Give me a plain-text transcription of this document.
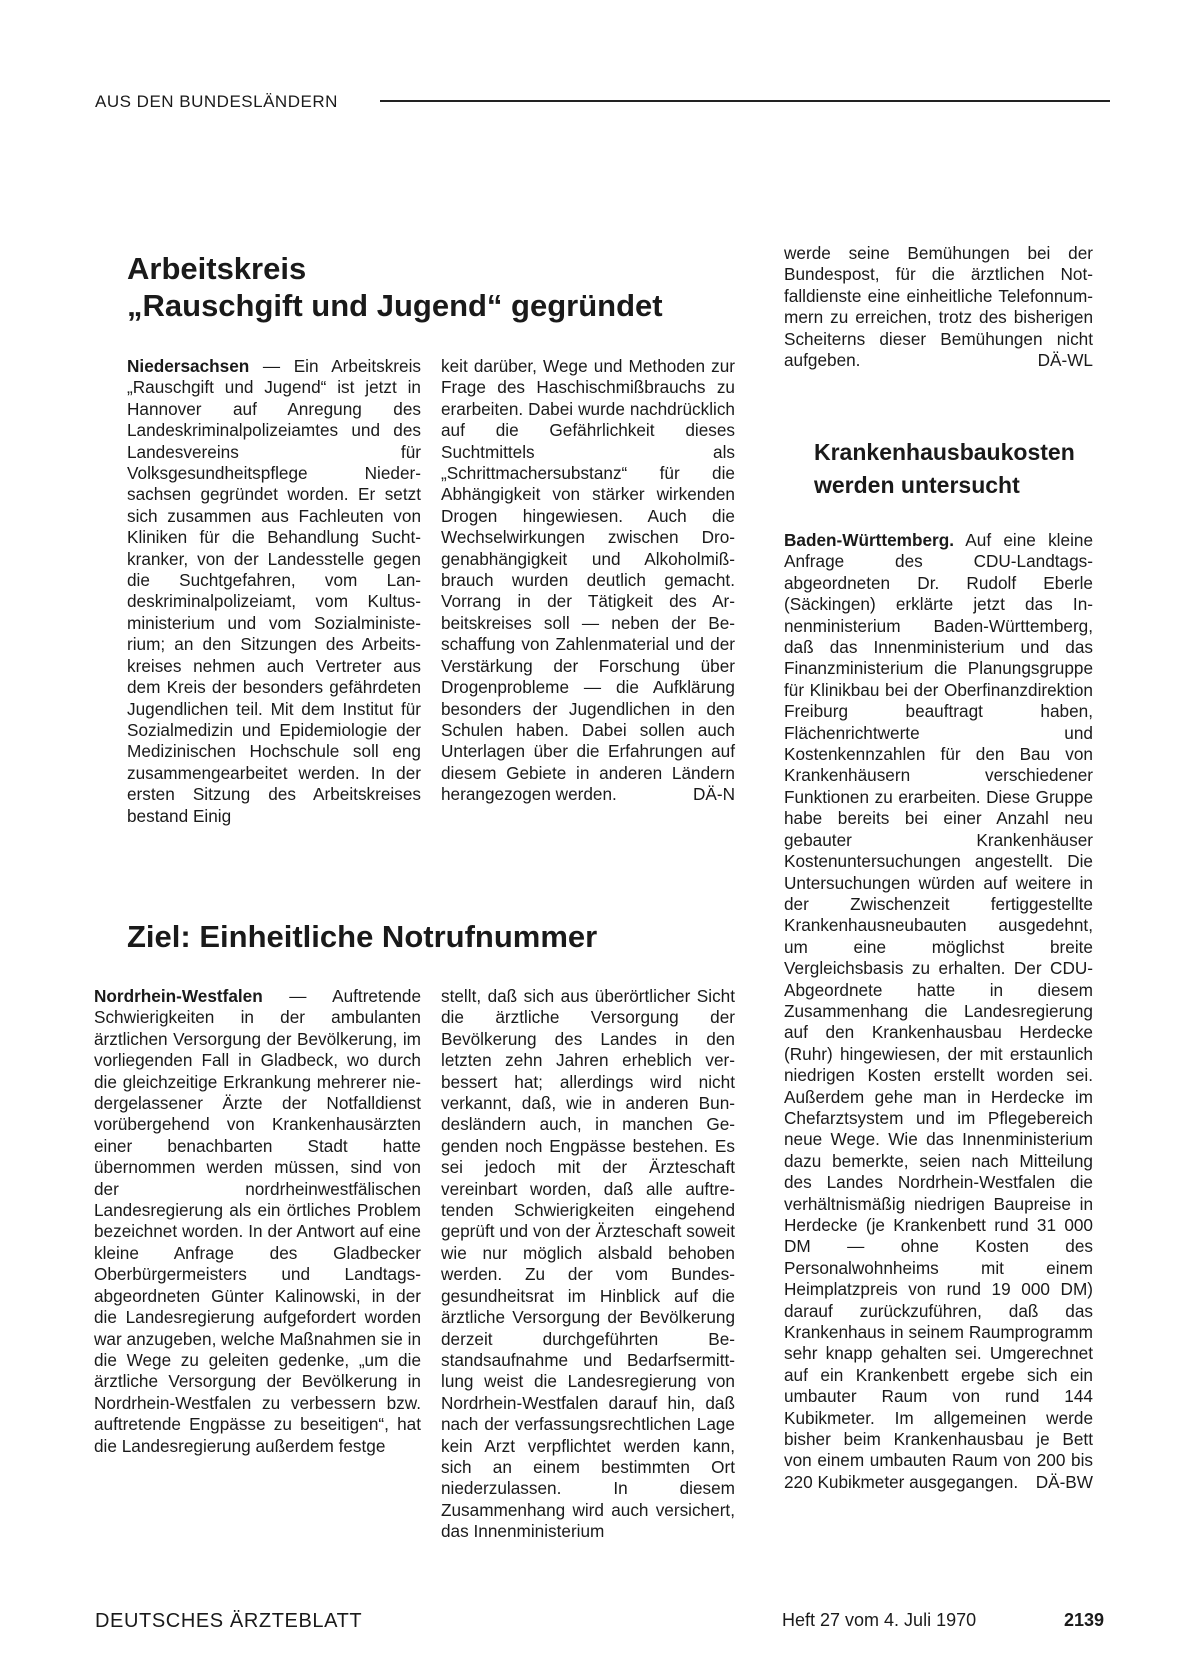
AUS DEN BUNDESLÄNDERN
Arbeitskreis
„Rauschgift und Jugend“ gegründet

Niedersachsen — Ein Arbeitskreis „Rauschgift und Jugend“ ist jetzt in Hannover auf Anregung des Landeskriminalpolizeiamtes und des Landesvereins für Volksgesundheitspflege Niedersachsen gegründet worden. Er setzt sich zusammen aus Fachleuten von Kliniken für die Behandlung Suchtkranker, von der Landesstelle gegen die Suchtgefahren, vom Landeskriminalpolizeiamt, vom Kultusministerium und vom Sozialministerium; an den Sitzungen des Arbeitskreises nehmen auch Vertreter aus dem Kreis der besonders gefährdeten Jugendlichen teil. Mit dem Institut für Sozialmedizin und Epidemiologie der Medizinischen Hochschule soll eng zusammengearbeitet werden. In der ersten Sitzung des Arbeitskreises bestand Einig

keit darüber, Wege und Methoden zur Frage des Haschischmißbrauchs zu erarbeiten. Dabei wurde nachdrücklich auf die Gefährlichkeit dieses Suchtmittels als „Schrittmachersubstanz“ für die Abhängigkeit von stärker wirkenden Drogen hingewiesen. Auch die Wechselwirkungen zwischen Drogenabhängigkeit und Alkoholmißbrauch wurden deutlich gemacht. Vorrang in der Tätigkeit des Arbeitskreises soll — neben der Beschaffung von Zahlenmaterial und der Verstärkung der Forschung über Drogenprobleme — die Aufklärung besonders der Jugendlichen in den Schulen haben. Dabei sollen auch Unterlagen über die Erfahrungen auf diesem Gebiete in anderen Ländern herangezogen werden.	DÄ-N

Ziel: Einheitliche Notrufnummer

Nordrhein-Westfalen — Auftretende Schwierigkeiten in der ambulanten ärztlichen Versorgung der Bevölkerung, im vorliegenden Fall in Gladbeck, wo durch die gleichzeitige Erkrankung mehrerer niedergelassener Ärzte der Notfalldienst vorübergehend von Krankenhausärzten einer benachbarten Stadt hatte übernommen werden müssen, sind von der nordrheinwestfälischen Landesregierung als ein örtliches Problem bezeichnet worden. In der Antwort auf eine kleine Anfrage des Gladbecker Oberbürgermeisters und Landtagsabgeordneten Günter Kalinowski, in der die Landesregierung aufgefordert worden war anzugeben, welche Maßnahmen sie in die Wege zu geleiten gedenke, „um die ärztliche Versorgung der Bevölkerung in Nordrhein-Westfalen zu verbessern bzw. auftretende Engpässe zu beseitigen“, hat die Landesregierung außerdem festge

stellt, daß sich aus überörtlicher Sicht die ärztliche Versorgung der Bevölkerung des Landes in den letzten zehn Jahren erheblich verbessert hat; allerdings wird nicht verkannt, daß, wie in anderen Bundesländern auch, in manchen Gegenden noch Engpässe bestehen. Es sei jedoch mit der Ärzteschaft vereinbart worden, daß alle auftretenden Schwierigkeiten eingehend geprüft und von der Ärzteschaft soweit wie nur möglich alsbald behoben werden. Zu der vom Bundesgesundheitsrat im Hinblick auf die ärztliche Versorgung der Bevölkerung derzeit durchgeführten Bestandsaufnahme und Bedarfsermittlung weist die Landesregierung von Nordrhein-Westfalen darauf hin, daß nach der verfassungsrechtlichen Lage kein Arzt verpflichtet werden kann, sich an einem bestimmten Ort niederzulassen. In diesem Zusammenhang wird auch versichert, das Innenministerium

werde seine Bemühungen bei der Bundespost, für die ärztlichen Notfalldienste eine einheitliche Telefonnummern zu erreichen, trotz des bisherigen Scheiterns dieser Bemühungen nicht aufgeben.	DÄ-WL

Krankenhausbaukosten
werden untersucht

Baden-Württemberg. Auf eine kleine Anfrage des CDU-Landtagsabgeordneten Dr. Rudolf Eberle (Säckingen) erklärte jetzt das Innenministerium Baden-Württemberg, daß das Innenministerium und das Finanzministerium die Planungsgruppe für Klinikbau bei der Oberfinanzdirektion Freiburg beauftragt haben, Flächenrichtwerte und Kostenkennzahlen für den Bau von Krankenhäusern verschiedener Funktionen zu erarbeiten. Diese Gruppe habe bereits bei einer Anzahl neu gebauter Krankenhäuser Kostenuntersuchungen angestellt. Die Untersuchungen würden auf weitere in der Zwischenzeit fertiggestellte Krankenhausneubauten ausgedehnt, um eine möglichst breite Vergleichsbasis zu erhalten. Der CDU-Abgeordnete hatte in diesem Zusammenhang die Landesregierung auf den Krankenhausbau Herdecke (Ruhr) hingewiesen, der mit erstaunlich niedrigen Kosten erstellt worden sei. Außerdem gehe man in Herdecke im Chefarztsystem und im Pflegebereich neue Wege. Wie das Innenministerium dazu bemerkte, seien nach Mitteilung des Landes Nordrhein-Westfalen die verhältnismäßig niedrigen Baupreise in Herdecke (je Krankenbett rund 31 000 DM — ohne Kosten des Personalwohnheims mit einem Heimplatzpreis von rund 19 000 DM) darauf zurückzuführen, daß das Krankenhaus in seinem Raumprogramm sehr knapp gehalten sei. Umgerechnet auf ein Krankenbett ergebe sich ein umbauter Raum von rund 144 Kubikmeter. Im allgemeinen werde bisher beim Krankenhausbau je Bett von einem umbauten Raum von 200 bis 220 Kubikmeter ausgegangen. DÄ-BW

DEUTSCHES ÄRZTEBLATT	Heft 27 vom 4. Juli 1970	2139
